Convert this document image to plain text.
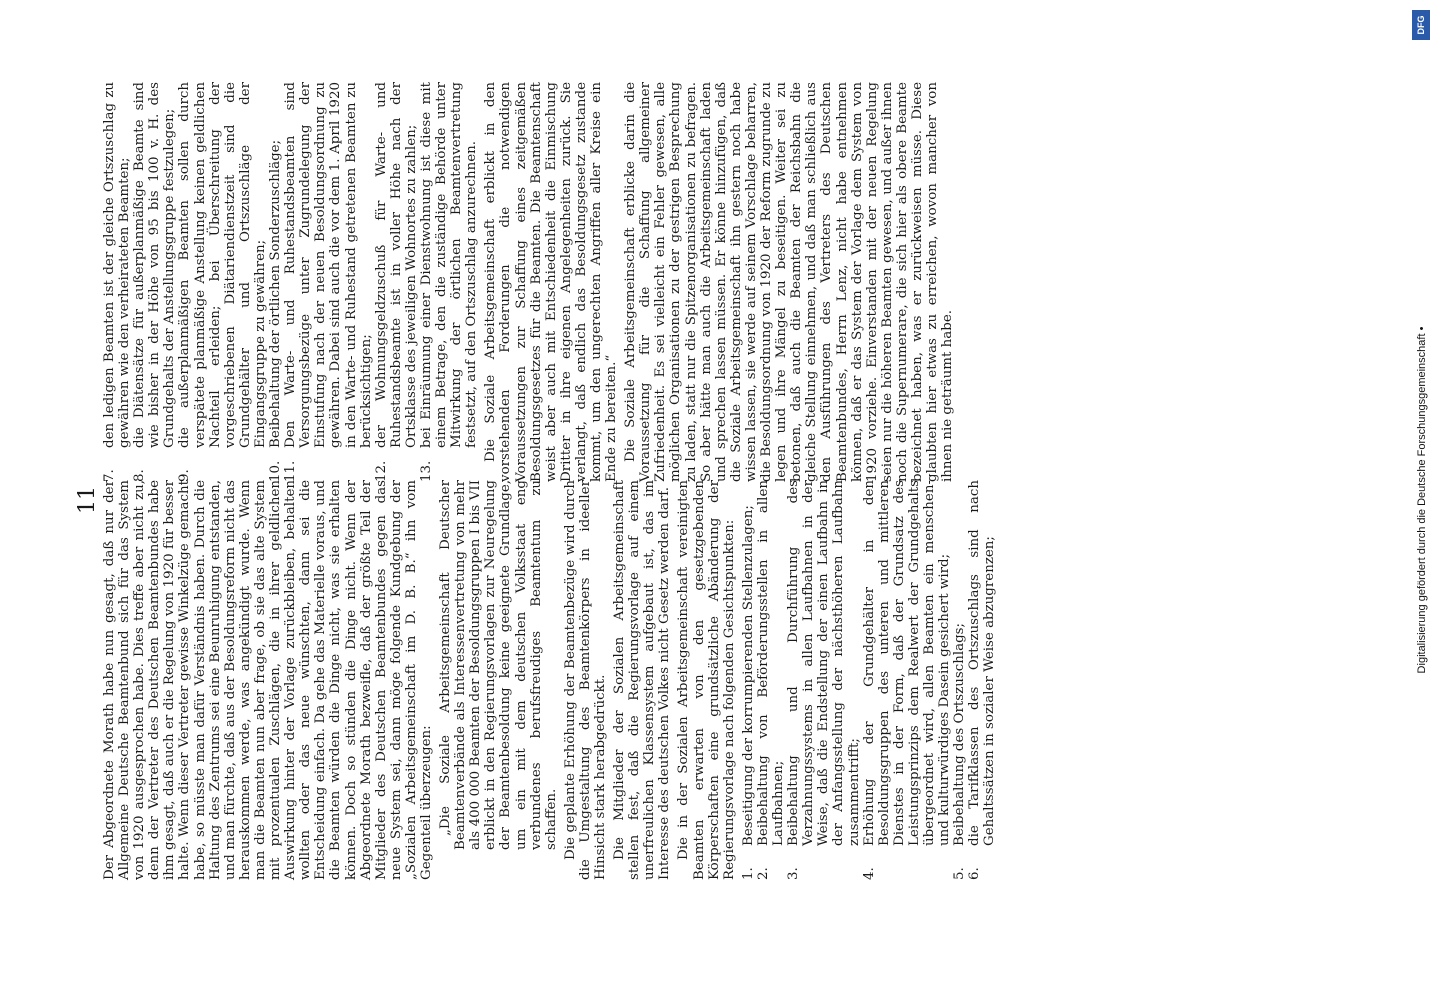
11 Der Abgeordnete Morath habe nun gesagt, daß nur der Allgemeine Deutsche Beamtenbund sich für das System von 1920 ausgesprochen habe. Dies treffe aber nicht zu, denn der Vertreter des Deutschen Beamtenbundes habe ihm gesagt, daß auch er die Regelung von 1920 für besser halte. Wenn dieser Vertreter gewisse Winkelzüge gemacht habe, so müsste man dafür Verständnis haben. Durch die Haltung des Zentrums sei eine Beunruhigung entstanden, und man fürchte, daß aus der Besoldungsreform nicht das herauskommen werde, was angekündigt wurde. Wenn man die Beamten nun aber frage, ob sie das alte System mit prozentualen Zuschlägen, die in ihrer geldlichen Auswirkung hinter der Vorlage zurückbleiben, behalten wollten oder das neue wünschten, dann sei die Entscheidung einfach. Da gehe das Materielle voraus, und die Beamten würden die Dinge nicht, was sie erhalten können. Doch so stünden die Dinge nicht. Wenn der Abgeordnete Morath bezweifle, daß der größte Teil der Mitglieder des Deutschen Beamtenbundes gegen das neue System sei, dann möge folgende Kundgebung der „Sozialen Arbeitsgemeinschaft im D. B. B.“ ihn vom Gegenteil überzeugen: „Die Soziale Arbeitsgemeinschaft Deutscher Beamtenverbände als Interessenvertretung von mehr als 400 000 Beamten der Besoldungsgruppen I bis VII erblickt in den Regierungsvorlagen zur Neuregelung der Beamtenbesoldung keine geeignete Grundlage, um ein mit dem deutschen Volksstaat eng verbundenes berufsfreudiges Beamtentum zu schaffen. Die geplante Erhöhung der Beamtenbezüge wird durch die Umgestaltung des Beamtenkörpers in ideeller Hinsicht stark herabgedrückt. Die Mitglieder der Sozialen Arbeitsgemeinschaft stellen fest, daß die Regierungsvorlage auf einem unerfreulichen Klassensystem aufgebaut ist, das im Interesse des deutschen Volkes nicht Gesetz werden darf. Die in der Sozialen Arbeitsgemeinschaft vereinigten Beamten erwarten von den gesetzgebenden Körperschaften eine grundsätzliche Abänderung der Regierungsvorlage nach folgenden Gesichtspunkten: 1.
Beseitigung der korrumpierenden Stellenzulagen;
2.
Beibehaltung von Beförderungsstellen in allen Laufbahnen;
3.
Beibehaltung und Durchführung des Verzahnungssystems in allen Laufbahnen in der Weise, daß die Endstellung der einen Laufbahn in der Anfangsstellung der nächsthöheren Laufbahn zusammentrifft;
4.
Erhöhung der Grundgehälter in den Besoldungsgruppen des unteren und mittleren Dienstes in der Form, daß der Grundsatz des Leistungsprinzips dem Realwert der Grundgehalts übergeordnet wird, allen Beamten ein menschen- und kulturwürdiges Dasein gesichert wird;
5.
Beibehaltung des Ortszuschlags;
6.
die Tarifklassen des Ortszuschlags sind nach Gehaltssätzen in sozialer Weise abzugrenzen;
7.
den ledigen Beamten ist der gleiche Ortszuschlag zu gewähren wie den verheirateten Beamten;
8.
die Diätensätze für außerplanmäßige Beamte sind wie bisher in der Höhe von 95 bis 100 v. H. des Grundgehalts der Anstellungsgruppe festzulegen;
9.
die außerplanmäßigen Beamten sollen durch verspätete planmäßige Anstellung keinen geldlichen Nachteil erleiden; bei Überschreitung der vorgeschriebenen Diätariendienstzeit sind die Grundgehälter und Ortszuschläge der Eingangsgruppe zu gewähren;
10.
Beibehaltung der örtlichen Sonderzuschläge;
11.
Den Warte- und Ruhestandsbeamten sind Versorgungsbezüge unter Zugrundelegung der Einstufung nach der neuen Besoldungsordnung zu gewähren. Dabei sind auch die vor dem 1. April 1920 in den Warte- und Ruhestand getretenen Beamten zu berücksichtigen;
12.
der Wohnungsgeldzuschuß für Warte- und Ruhestandsbeamte ist in voller Höhe nach der Ortsklasse des jeweiligen Wohnortes zu zahlen;
13.
bei Einräumung einer Dienstwohnung ist diese mit einem Betrage, den die zuständige Behörde unter Mitwirkung der örtlichen Beamtenvertretung festsetzt, auf den Ortszuschlag anzurechnen. Die Soziale Arbeitsgemeinschaft erblickt in den vorstehenden Forderungen die notwendigen Voraussetzungen zur Schaffung eines zeitgemäßen Besoldungsgesetzes für die Beamten. Die Beamtenschaft weist aber auch mit Entschiedenheit die Einmischung Dritter in ihre eigenen Angelegenheiten zurück. Sie verlangt, daß endlich das Besoldungsgesetz zustande kommt, um den ungerechten Angriffen aller Kreise ein Ende zu bereiten.“ Die Soziale Arbeitsgemeinschaft erblicke darin die Voraussetzung für die Schaffung allgemeiner Zufriedenheit. Es sei vielleicht ein Fehler gewesen, alle möglichen Organisationen zu der gestrigen Besprechung zu laden, statt nur die Spitzenorganisationen zu befragen. So aber hätte man auch die Arbeitsgemeinschaft laden und sprechen lassen müssen. Er könne hinzufügen, daß die Soziale Arbeitsgemeinschaft ihn gestern noch habe wissen lassen, sie werde auf seinem Vorschlage beharren, die Besoldungsordnung von 1920 der Reform zugrunde zu legen und ihre Mängel zu beseitigen. Weiter sei zu betonen, daß auch die Beamten der Reichsbahn die gleiche Stellung einnehmen, und daß man schließlich aus den Ausführungen des Vertreters des Deutschen Beamtenbundes, Herrn Lenz, nicht habe entnehmen können, daß er das System der Vorlage dem System von 1920 vorziehe. Einverstanden mit der neuen Regelung seien nur die höheren Beamten gewesen, und außer ihnen noch die Supernumerare, die sich hier als obere Beamte bezeichnet haben, was er zurückweisen müsse. Diese glaubten hier etwas zu erreichen, wovon mancher von ihnen nie geträumt habe.

DFG
Digitalisierung gefördert durch die Deutsche Forschungsgemeinschaft •
